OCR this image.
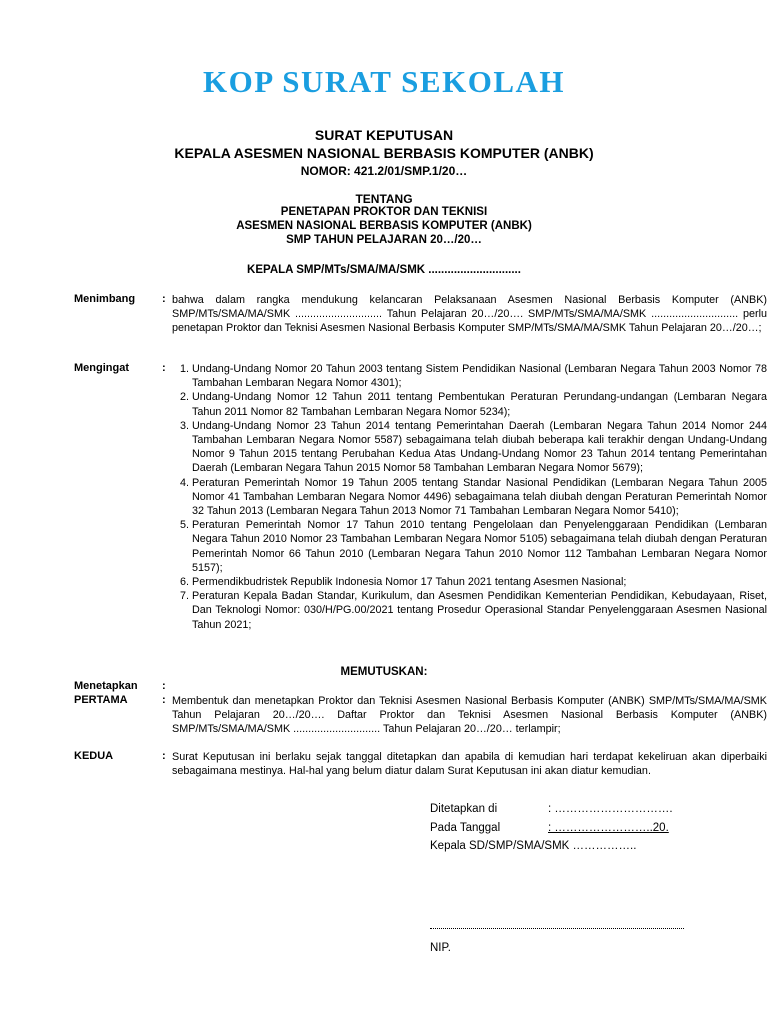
KOP SURAT SEKOLAH
SURAT KEPUTUSAN
KEPALA ASESMEN NASIONAL BERBASIS KOMPUTER (ANBK)
NOMOR: 421.2/01/SMP.1/20…
TENTANG
PENETAPAN PROKTOR DAN TEKNISI
ASESMEN NASIONAL BERBASIS KOMPUTER (ANBK)
SMP TAHUN PELAJARAN 20…/20…
KEPALA SMP/MTs/SMA/MA/SMK .............................
Menimbang : bahwa dalam rangka mendukung kelancaran Pelaksanaan Asesmen Nasional Berbasis Komputer (ANBK) SMP/MTs/SMA/MA/SMK ............................. Tahun Pelajaran 20…/20…. SMP/MTs/SMA/MA/SMK ............................. perlu penetapan Proktor dan Teknisi Asesmen Nasional Berbasis Komputer SMP/MTs/SMA/MA/SMK Tahun Pelajaran 20…/20…;
Mengingat	:
1. Undang-Undang Nomor 20 Tahun 2003 tentang Sistem Pendidikan Nasional (Lembaran Negara Tahun 2003 Nomor 78 Tambahan Lembaran Negara Nomor 4301);
2. Undang-Undang Nomor 12 Tahun 2011 tentang Pembentukan Peraturan Perundang-undangan (Lembaran Negara Tahun 2011 Nomor 82 Tambahan Lembaran Negara Nomor 5234);
3. Undang-Undang Nomor 23 Tahun 2014 tentang Pemerintahan Daerah (Lembaran Negara Tahun 2014 Nomor 244 Tambahan Lembaran Negara Nomor 5587) sebagaimana telah diubah beberapa kali terakhir dengan Undang-Undang Nomor 9 Tahun 2015 tentang Perubahan Kedua Atas Undang-Undang Nomor 23 Tahun 2014 tentang Pemerintahan Daerah (Lembaran Negara Tahun 2015 Nomor 58 Tambahan Lembaran Negara Nomor 5679);
4. Peraturan Pemerintah Nomor 19 Tahun 2005 tentang Standar Nasional Pendidikan (Lembaran Negara Tahun 2005 Nomor 41 Tambahan Lembaran Negara Nomor 4496) sebagaimana telah diubah dengan Peraturan Pemerintah Nomor 32 Tahun 2013 (Lembaran Negara Tahun 2013 Nomor 71 Tambahan Lembaran Negara Nomor 5410);
5. Peraturan Pemerintah Nomor 17 Tahun 2010 tentang Pengelolaan dan Penyelenggaraan Pendidikan (Lembaran Negara Tahun 2010 Nomor 23 Tambahan Lembaran Negara Nomor 5105) sebagaimana telah diubah dengan Peraturan Pemerintah Nomor 66 Tahun 2010 (Lembaran Negara Tahun 2010 Nomor 112 Tambahan Lembaran Negara Nomor 5157);
6. Permendikbudristek Republik Indonesia Nomor 17 Tahun 2021 tentang Asesmen Nasional;
7. Peraturan Kepala Badan Standar, Kurikulum, dan Asesmen Pendidikan Kementerian Pendidikan, Kebudayaan, Riset, Dan Teknologi Nomor: 030/H/PG.00/2021 tentang Prosedur Operasional Standar Penyelenggaraan Asesmen Nasional Tahun 2021;
MEMUTUSKAN:
Menetapkan :
PERTAMA	: Membentuk dan menetapkan Proktor dan Teknisi Asesmen Nasional Berbasis Komputer (ANBK) SMP/MTs/SMA/MA/SMK Tahun Pelajaran 20…/20…. Daftar Proktor dan Teknisi Asesmen Nasional Berbasis Komputer (ANBK) SMP/MTs/SMA/MA/SMK ............................. Tahun Pelajaran 20…/20… terlampir;
KEDUA	: Surat Keputusan ini berlaku sejak tanggal ditetapkan dan apabila di kemudian hari terdapat kekeliruan akan diperbaiki sebagaimana mestinya. Hal-hal yang belum diatur dalam Surat Keputusan ini akan diatur kemudian.
Ditetapkan di	: ………………………….
Pada Tanggal	: ……………………..20.
Kepala SD/SMP/SMA/SMK ……………..
NIP.
